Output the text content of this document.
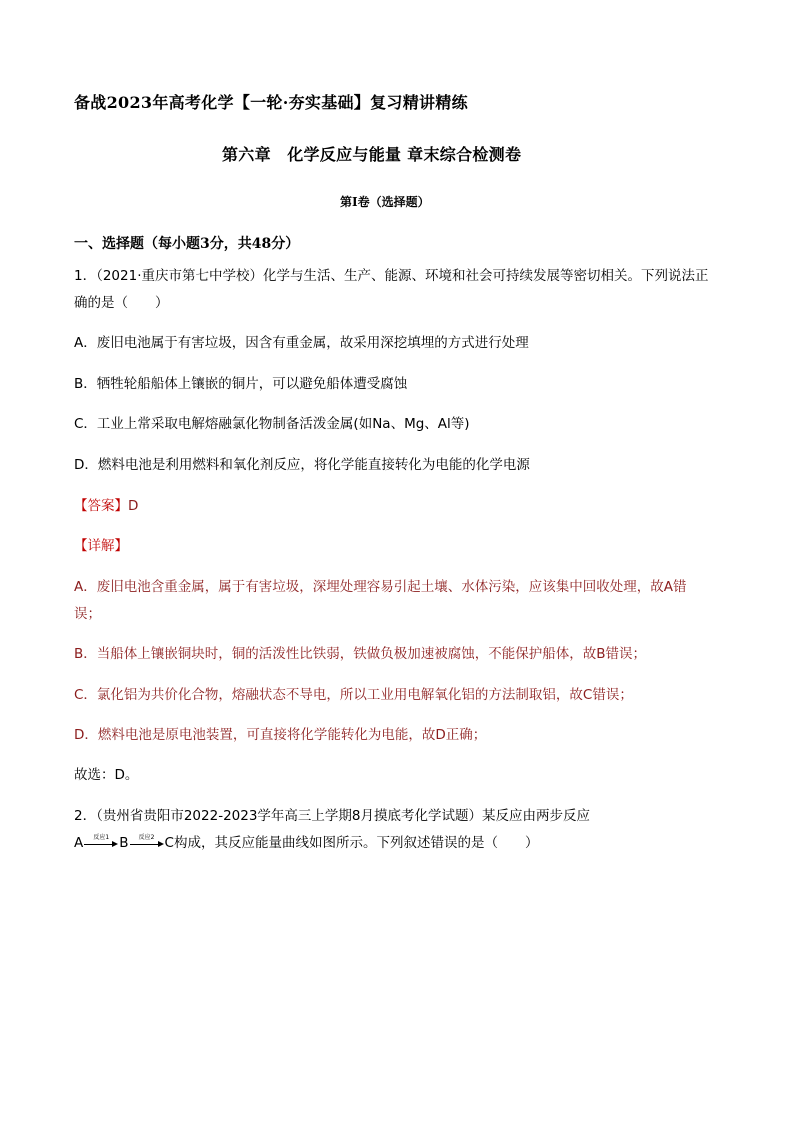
备战2023年高考化学【一轮·夯实基础】复习精讲精练
第六章　化学反应与能量 章末综合检测卷
第I卷（选择题）
一、选择题（每小题3分，共48分）
1．（2021·重庆市第七中学校）化学与生活、生产、能源、环境和社会可持续发展等密切相关。下列说法正
确的是（　　）
A．废旧电池属于有害垃圾，因含有重金属，故采用深挖填埋的方式进行处理
B．牺牲轮船船体上镶嵌的铜片，可以避免船体遭受腐蚀
C．工业上常采取电解熔融氯化物制备活泼金属(如Na、Mg、Al等)
D．燃料电池是利用燃料和氧化剂反应，将化学能直接转化为电能的化学电源
【答案】D
【详解】
A．废旧电池含重金属，属于有害垃圾，深埋处理容易引起土壤、水体污染，应该集中回收处理，故A错
误；
B．当船体上镶嵌铜块时，铜的活泼性比铁弱，铁做负极加速被腐蚀，不能保护船体，故B错误；
C．氯化铝为共价化合物，熔融状态不导电，所以工业用电解氧化铝的方法制取铝，故C错误；
D．燃料电池是原电池装置，可直接将化学能转化为电能，故D正确；
故选：D。
2．（贵州省贵阳市2022-2023学年高三上学期8月摸底考化学试题）某反应由两步反应
A	反应1 B	反应2 C构成，其反应能量曲线如图所示。下列叙述错误的是（　　）
